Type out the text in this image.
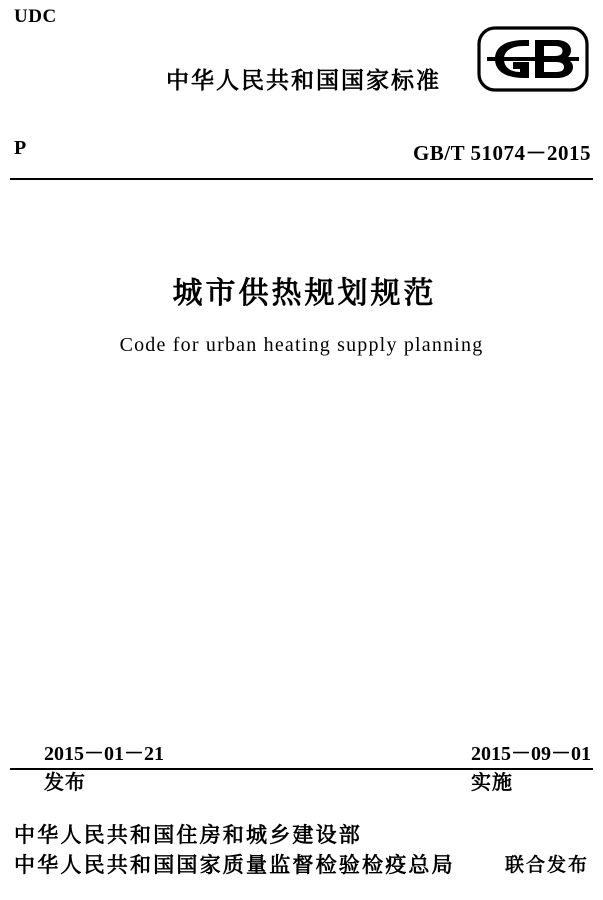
UDC
中华人民共和国国家标准
P	GB/T 51074－2015
城市供热规划规范
Code for urban heating supply planning

2015－01－21
发布

2015－09－01
实施

中华人民共和国住房和城乡建设部
中华人民共和国国家质量监督检验检疫总局	联合发布
